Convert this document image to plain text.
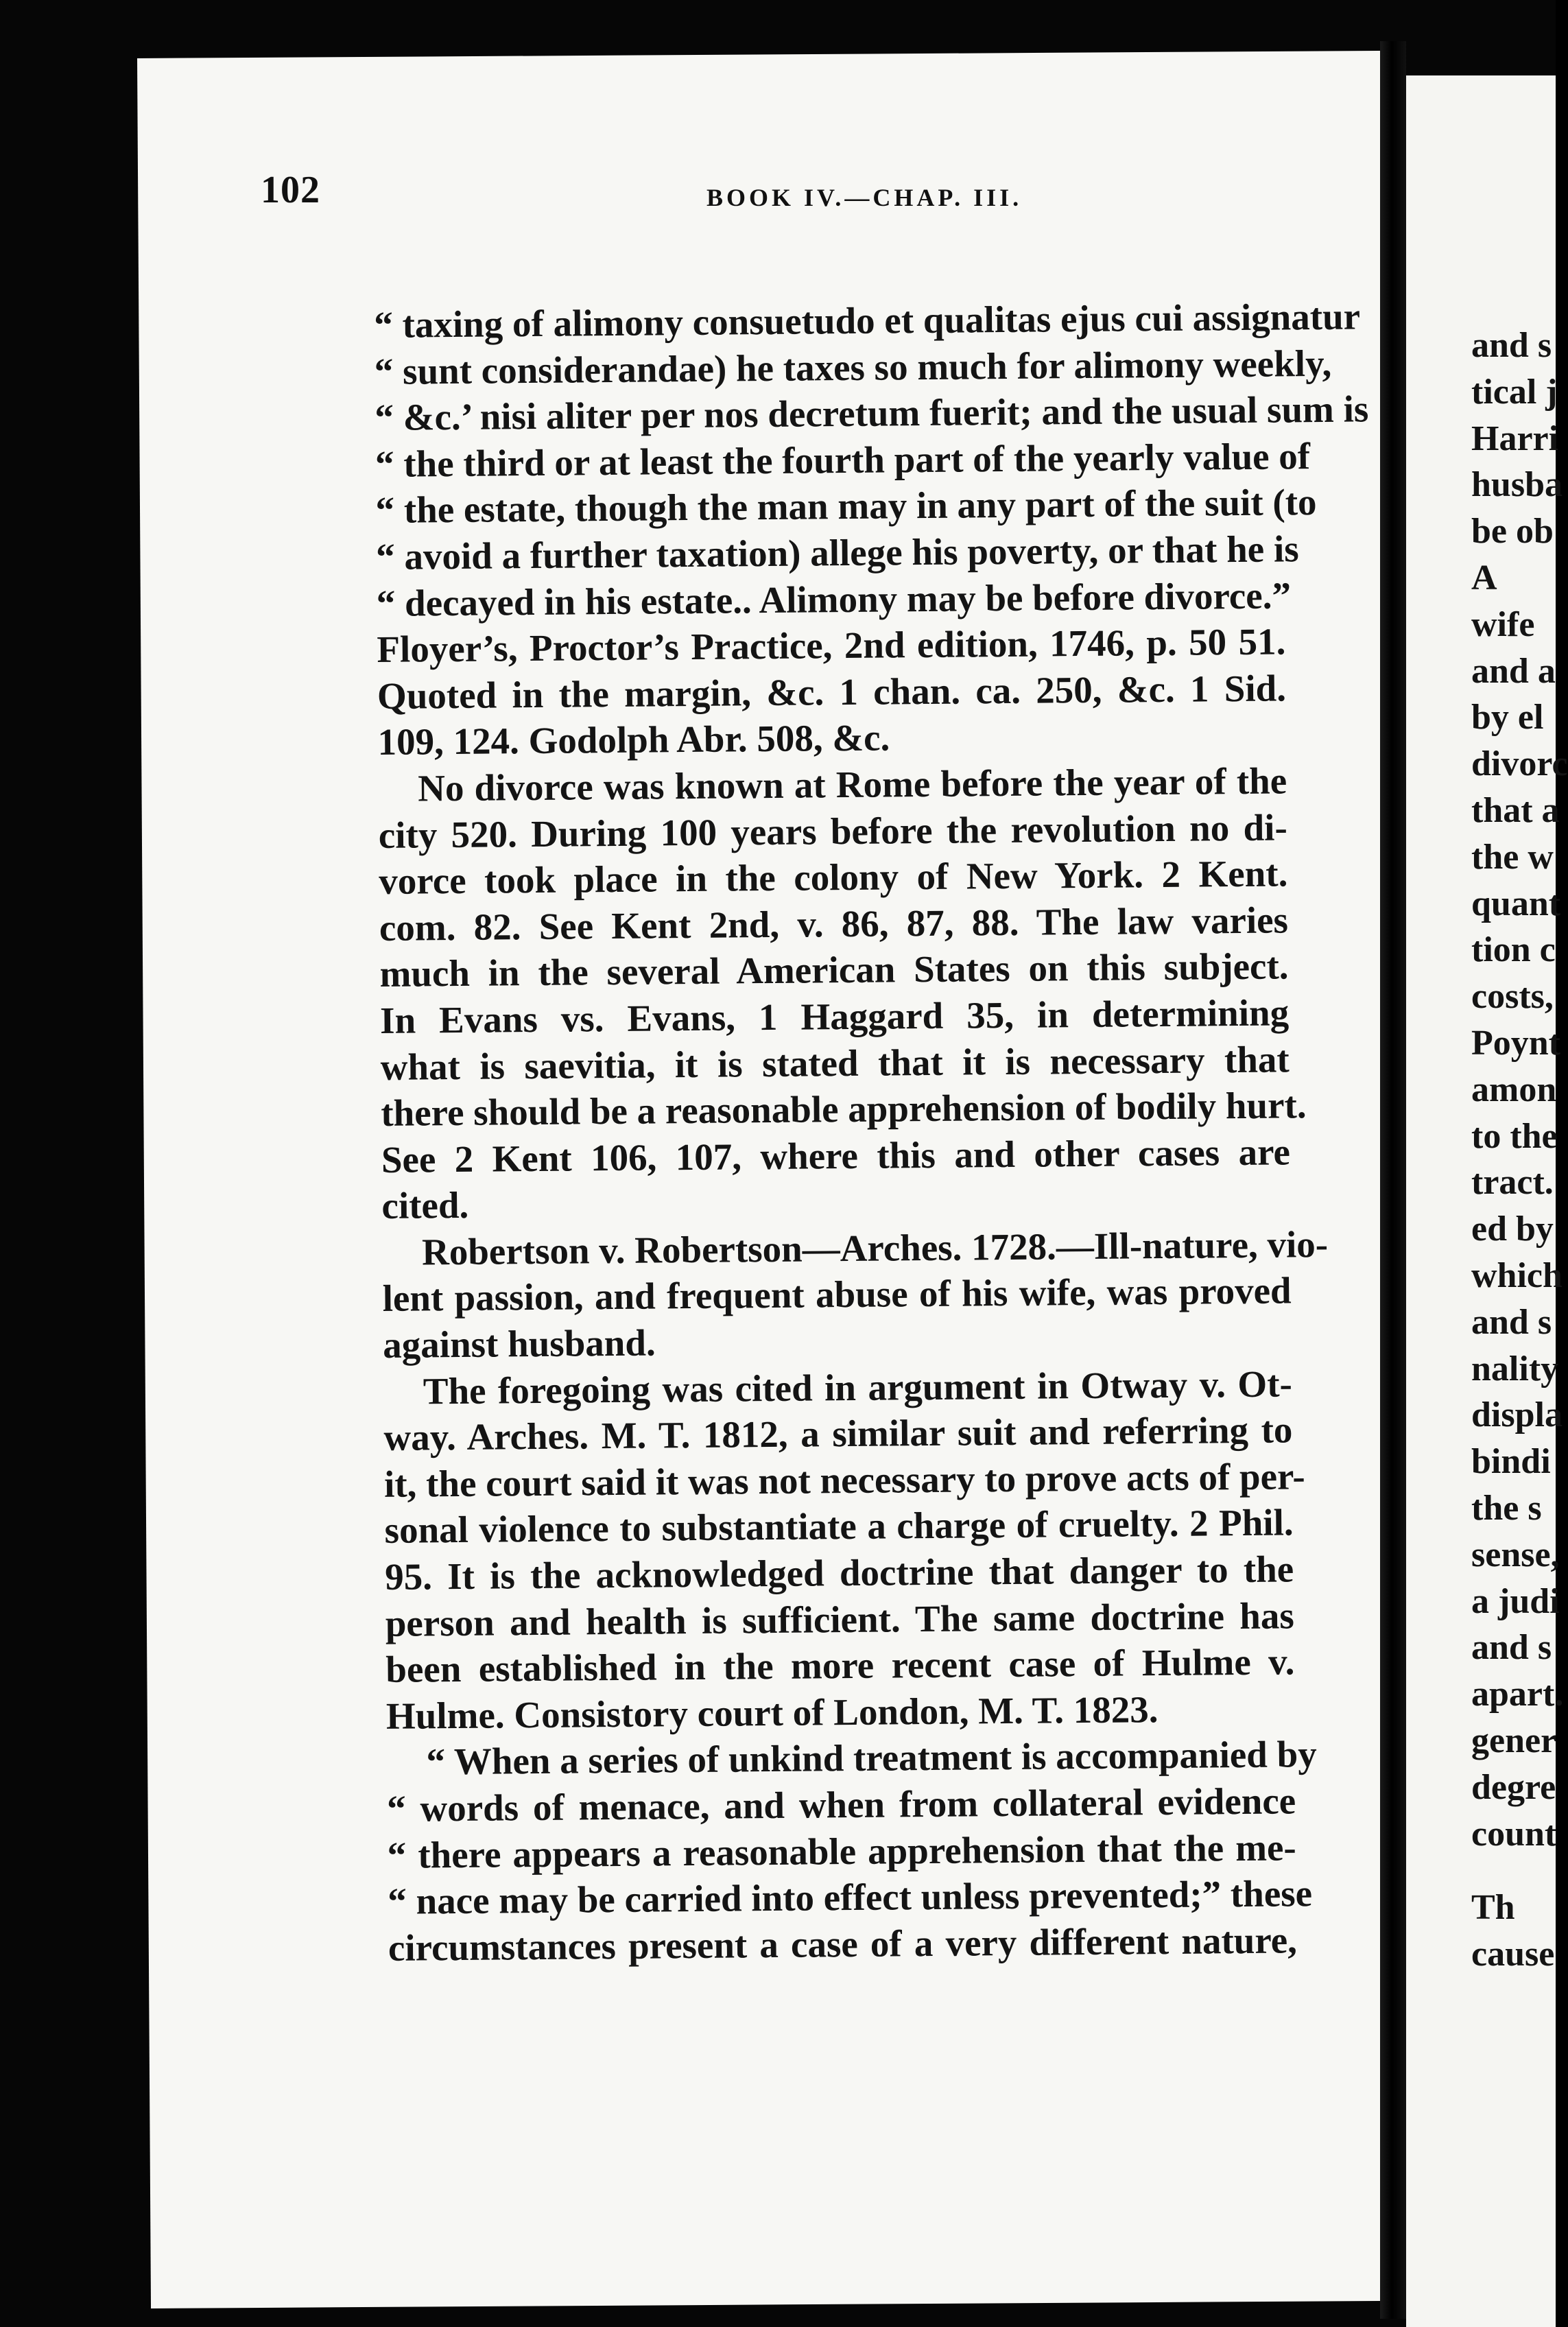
102	BOOK IV.—CHAP. III.
“ taxing of alimony consuetudo et qualitas ejus cui assignatur
“ sunt considerandae) he taxes so much for alimony weekly,
“ &c.’ nisi aliter per nos decretum fuerit; and the usual sum is
“ the third or at least the fourth part of the yearly value of
“ the estate, though the man may in any part of the suit (to
“ avoid a further taxation) allege his poverty, or that he is
“ decayed in his estate.. Alimony may be before divorce.”
Floyer’s, Proctor’s Practice, 2nd edition, 1746, p. 50 51.
Quoted in the margin, &c. 1 chan. ca. 250, &c. 1 Sid.
109, 124. Godolph Abr. 508, &c.
No divorce was known at Rome before the year of the
city 520. During 100 years before the revolution no di-
vorce took place in the colony of New York. 2 Kent.
com. 82. See Kent 2nd, v. 86, 87, 88. The law varies
much in the several American States on this subject.
In Evans vs. Evans, 1 Haggard 35, in determining
what is saevitia, it is stated that it is necessary that
there should be a reasonable apprehension of bodily hurt.
See 2 Kent 106, 107, where this and other cases are
cited.
Robertson v. Robertson—Arches. 1728.—Ill-nature, vio-
lent passion, and frequent abuse of his wife, was proved
against husband.
The foregoing was cited in argument in Otway v. Ot-
way. Arches. M. T. 1812, a similar suit and referring to
it, the court said it was not necessary to prove acts of per-
sonal violence to substantiate a charge of cruelty. 2 Phil.
95. It is the acknowledged doctrine that danger to the
person and health is sufficient. The same doctrine has
been established in the more recent case of Hulme v.
Hulme. Consistory court of London, M. T. 1823.
“ When a series of unkind treatment is accompanied by
“ words of menace, and when from collateral evidence
“ there appears a reasonable apprehension that the me-
“ nace may be carried into effect unless prevented;” these
circumstances present a case of a very different nature,
and s
tical j
Harri
husba
be ob
A
wife
and a
by el
divorc
that a
the w
quant
tion c
costs,
Poynt
amon
to the
tract.
ed by
which
and s
nality
displa
bindi
the s
sense,
a judi
and s
apart.
gener
degre
count
Th
cause
